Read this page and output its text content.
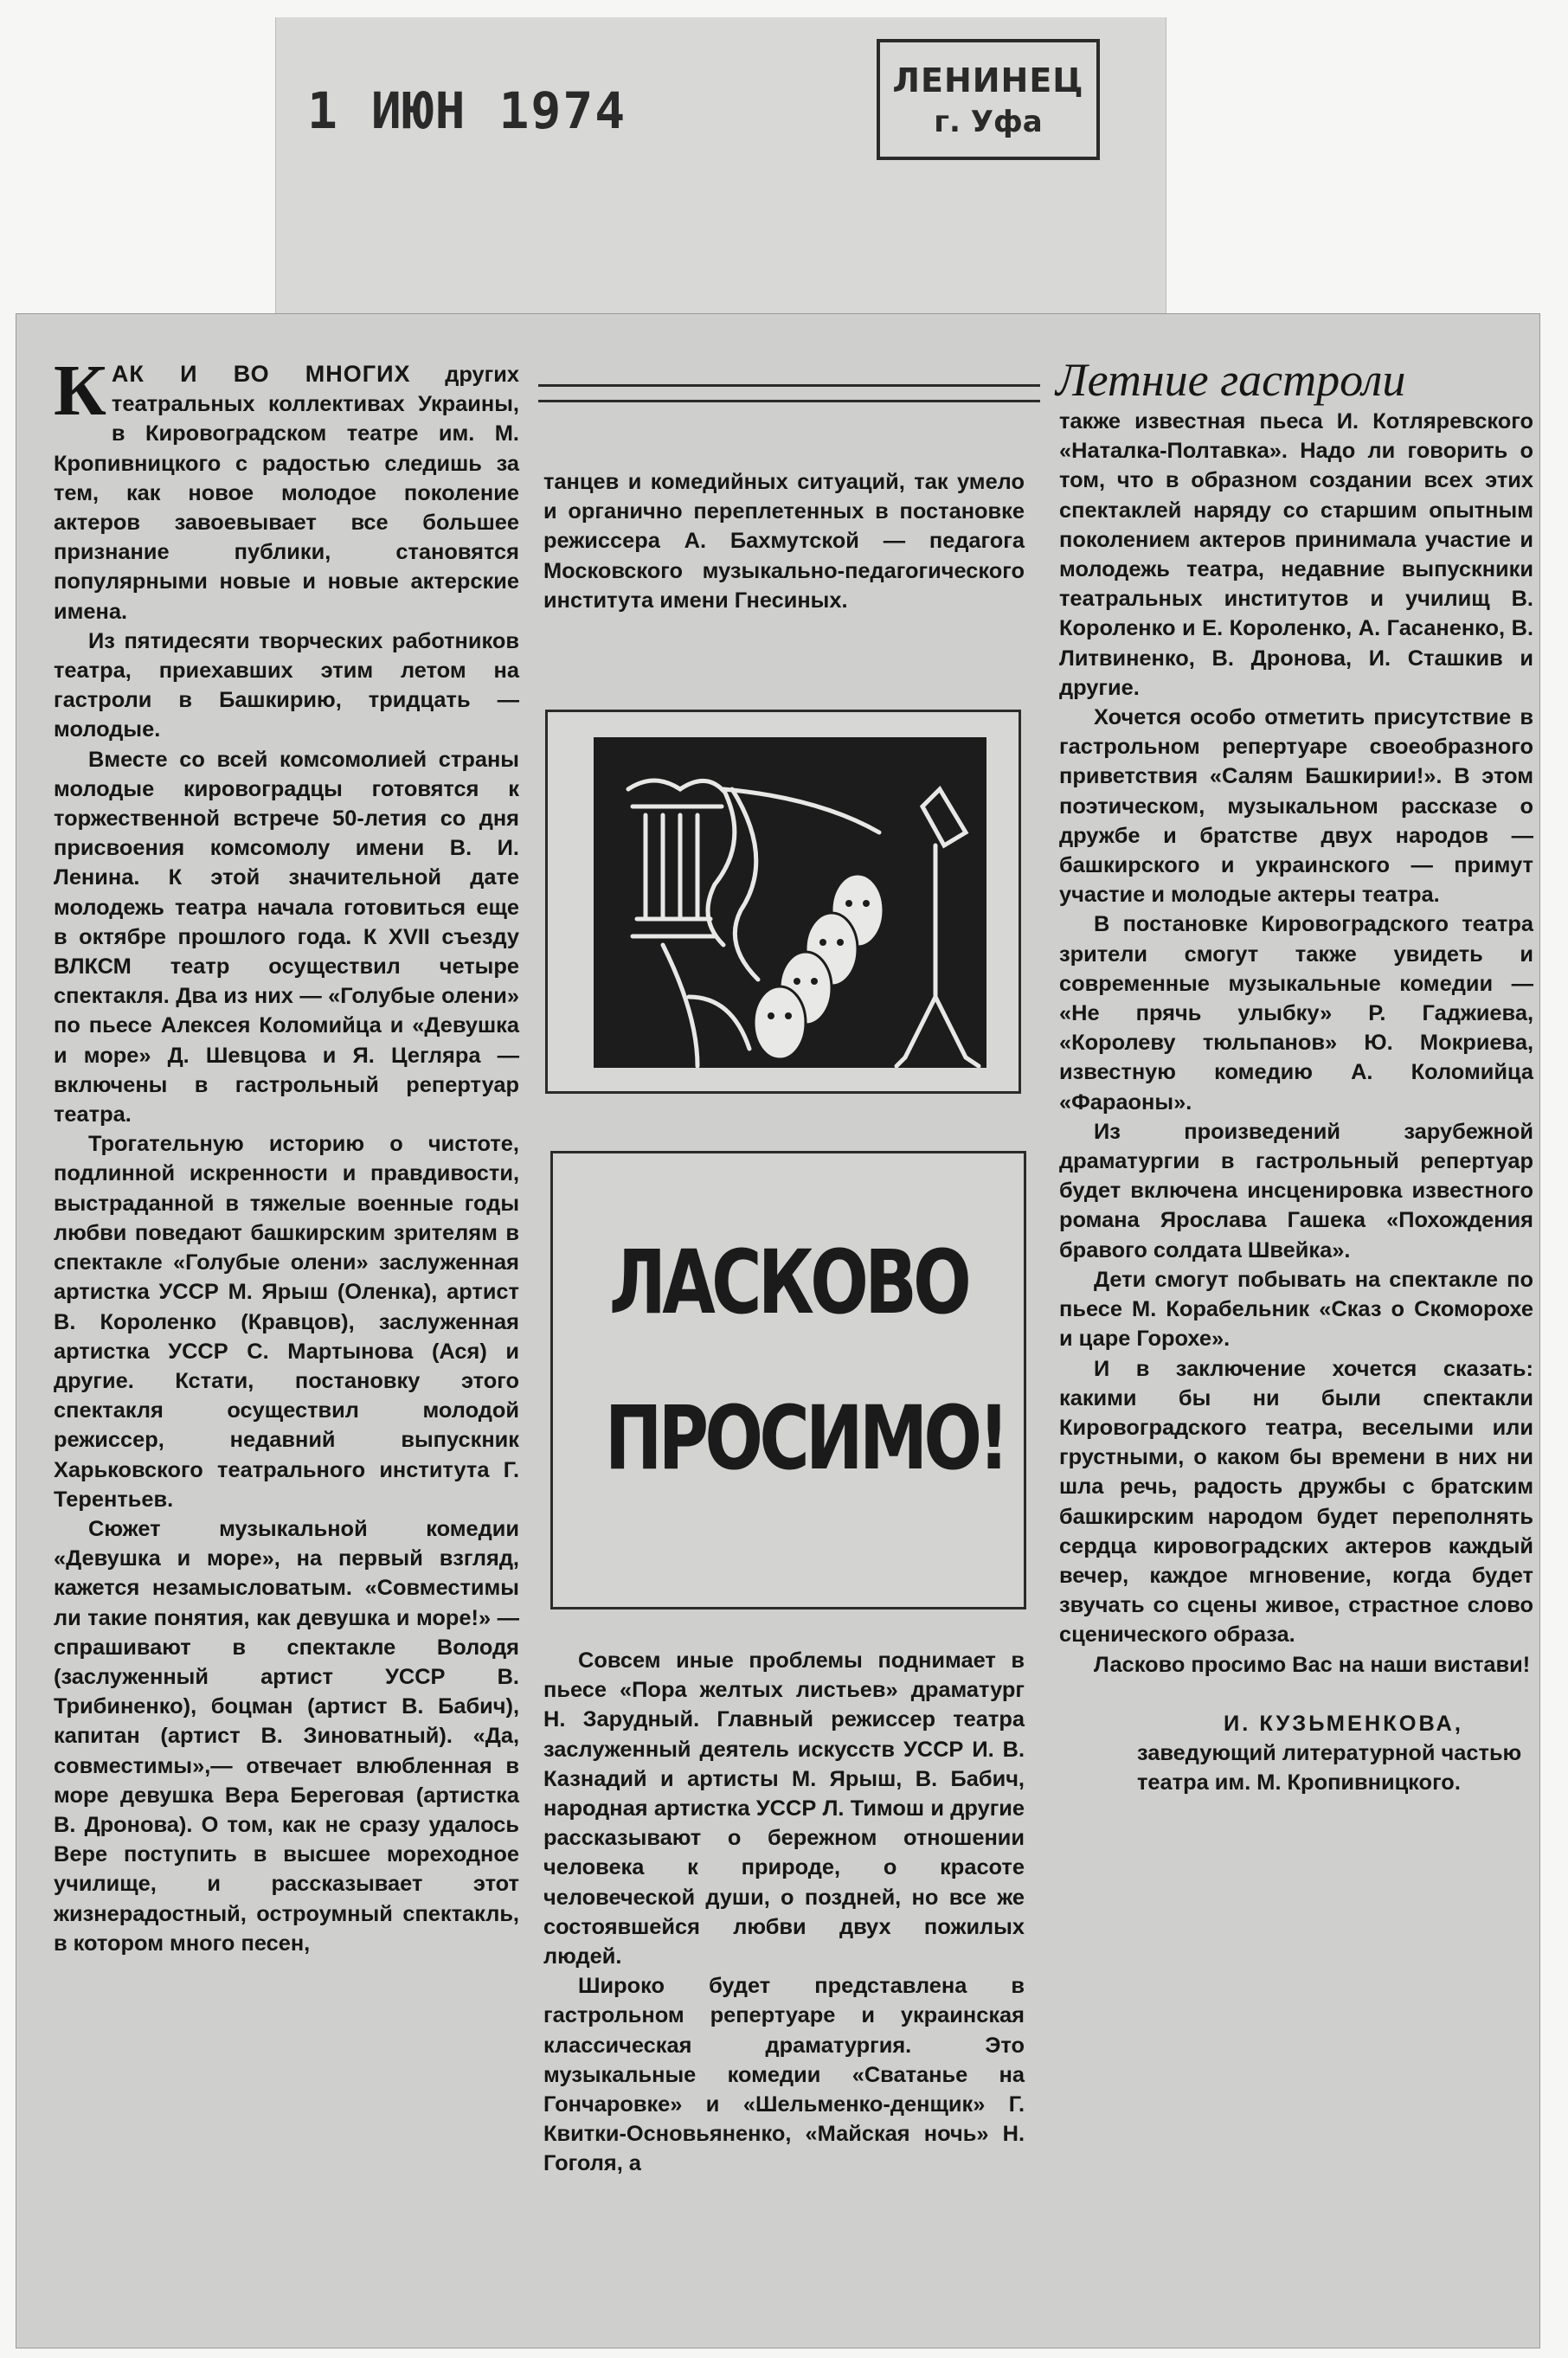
1 ИЮН 1974
ЛЕНИНЕЦ
г. Уфа

КАК И ВО МНОГИХ других театральных коллективах Украины, в Кировоградском театре им. М. Кропивницкого с радостью следишь за тем, как новое молодое поколение актеров завоевывает все большее признание публики, становятся популярными новые и новые актерские имена.

Из пятидесяти творческих работников театра, приехавших этим летом на гастроли в Башкирию, тридцать — молодые.

Вместе со всей комсомолией страны молодые кировоградцы готовятся к торжественной встрече 50-летия со дня присвоения комсомолу имени В. И. Ленина. К этой значительной дате молодежь театра начала готовиться еще в октябре прошлого года. К XVII съезду ВЛКСМ театр осуществил четыре спектакля. Два из них — «Голубые олени» по пьесе Алексея Коломийца и «Девушка и море» Д. Шевцова и Я. Цегляра — включены в гастрольный репертуар театра.

Трогательную историю о чистоте, подлинной искренности и правдивости, выстраданной в тяжелые военные годы любви поведают башкирским зрителям в спектакле «Голубые олени» заслуженная артистка УССР М. Ярыш (Оленка), артист В. Короленко (Кравцов), заслуженная артистка УССР С. Мартынова (Ася) и другие. Кстати, постановку этого спектакля осуществил молодой режиссер, недавний выпускник Харьковского театрального института Г. Терентьев.

Сюжет музыкальной комедии «Девушка и море», на первый взгляд, кажется незамысловатым. «Совместимы ли такие понятия, как девушка и море!» — спрашивают в спектакле Володя (заслуженный артист УССР В. Трибиненко), боцман (артист В. Бабич), капитан (артист В. Зиноватный). «Да, совместимы»,— отвечает влюбленная в море девушка Вера Береговая (артистка В. Дронова). О том, как не сразу удалось Вере поступить в высшее мореходное училище, и рассказывает этот жизнерадостный, остроумный спектакль, в котором много песен,

Летние гастроли

танцев и комедийных ситуаций, так умело и органично переплетенных в постановке режиссера А. Бахмутской — педагога Московского музыкально-педагогического института имени Гнесиных.

ЛАСКОВО
ПРОСИМО!

Совсем иные проблемы поднимает в пьесе «Пора желтых листьев» драматург Н. Зарудный. Главный режиссер театра заслуженный деятель искусств УССР И. В. Казнадий и артисты М. Ярыш, В. Бабич, народная артистка УССР Л. Тимош и другие рассказывают о бережном отношении человека к природе, о красоте человеческой души, о поздней, но все же состоявшейся любви двух пожилых людей.

Широко будет представлена в гастрольном репертуаре и украинская классическая драматургия. Это музыкальные комедии «Сватанье на Гончаровке» и «Шельменко-денщик» Г. Квитки-Основьяненко, «Майская ночь» Н. Гоголя, а

также известная пьеса И. Котляревского «Наталка-Полтавка». Надо ли говорить о том, что в образном создании всех этих спектаклей наряду со старшим опытным поколением актеров принимала участие и молодежь театра, недавние выпускники театральных институтов и училищ В. Короленко и Е. Короленко, А. Гасаненко, В. Литвиненко, В. Дронова, И. Сташкив и другие.

Хочется особо отметить присутствие в гастрольном репертуаре своеобразного приветствия «Салям Башкирии!». В этом поэтическом, музыкальном рассказе о дружбе и братстве двух народов — башкирского и украинского — примут участие и молодые актеры театра.

В постановке Кировоградского театра зрители смогут также увидеть и современные музыкальные комедии — «Не прячь улыбку» Р. Гаджиева, «Королеву тюльпанов» Ю. Мокриева, известную комедию А. Коломийца «Фараоны».

Из произведений зарубежной драматургии в гастрольный репертуар будет включена инсценировка известного романа Ярослава Гашека «Похождения бравого солдата Швейка».

Дети смогут побывать на спектакле по пьесе М. Корабельник «Сказ о Скоморохе и царе Горохе».

И в заключение хочется сказать: какими бы ни были спектакли Кировоградского театра, веселыми или грустными, о каком бы времени в них ни шла речь, радость дружбы с братским башкирским народом будет переполнять сердца кировоградских актеров каждый вечер, каждое мгновение, когда будет звучать со сцены живое, страстное слово сценического образа.

Ласково просимо Вас на наши вистави!

И. КУЗЬМЕНКОВА,

заведующий литературной частью театра им. М. Кропивницкого.
